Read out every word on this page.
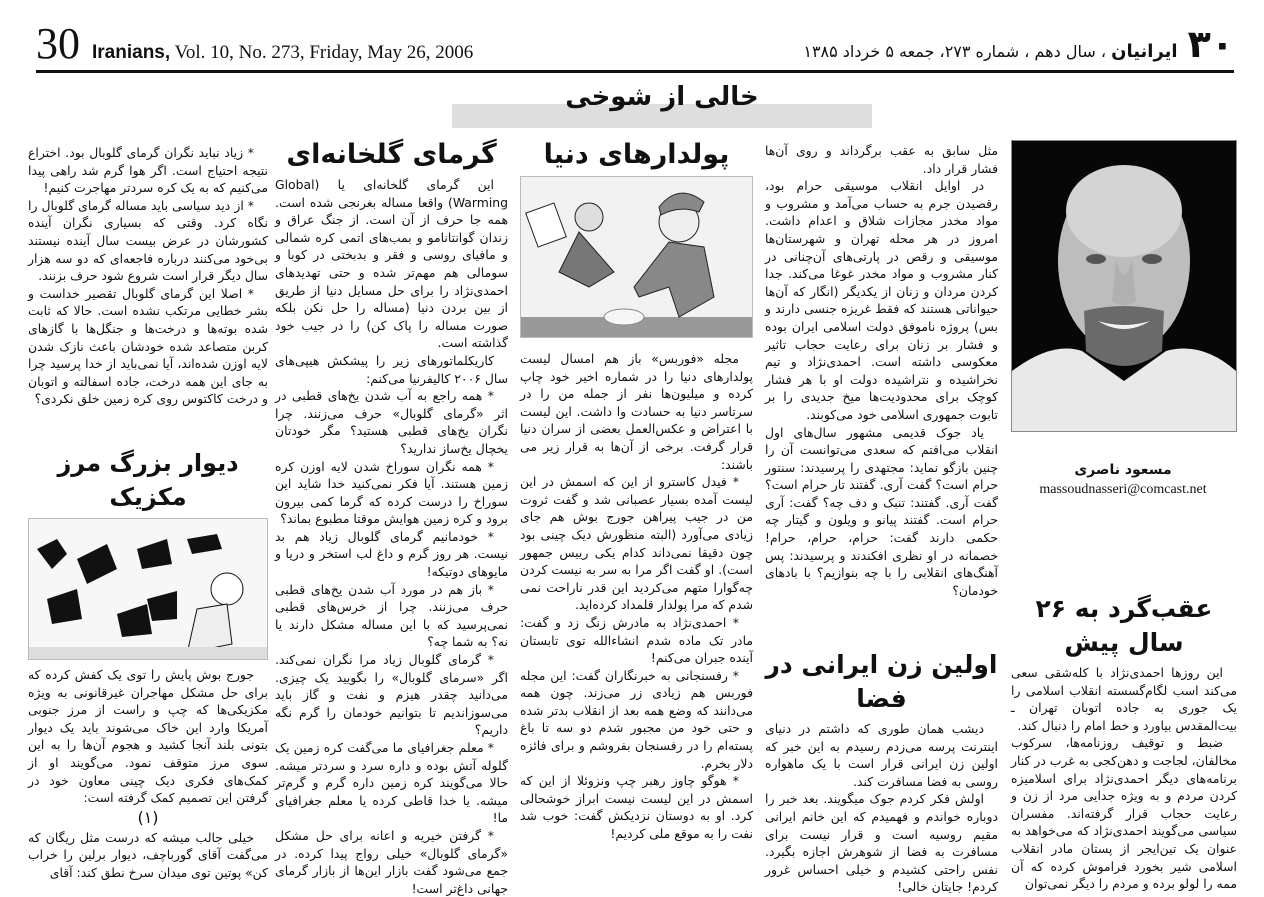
30 Iranians, Vol. 10, No. 273, Friday, May 26, 2006	۳۰
ایرانیان ، سال دهم ، شماره ۲۷۳، جمعه ۵ خرداد ۱۳۸۵
خالی از شوخی
مسعود ناصری
massoudnasseri@comcast.net
عقب‌گرد به ۲۶ سال پیش

این روزها احمدی‌نژاد با کله‌شقی سعی می‌کند اسب لگام‌گسسته انقلاب اسلامی را یک جوری به جاده اتوبان تهران ـ بیت‌المقدس بیاورد و خط امام را دنبال کند.

ضبط و توقیف روزنامه‌ها، سرکوب مخالفان، لجاجت و دهن‌کجی به غرب در کنار برنامه‌های دیگر احمدی‌نژاد برای اسلامیزه کردن مردم و به ویژه جدایی مرد از زن و رعایت حجاب قرار گرفته‌اند. مفسران سیاسی می‌گویند احمدی‌نژاد که می‌خواهد به عنوان یک تین‌ایجر از پستان مادر انقلاب اسلامی شیر بخورد فراموش کرده که آن ممه را لولو برده و مردم را دیگر نمی‌توان

مثل سابق به عقب برگرداند و روی آن‌ها فشار قرار داد.

در اوایل انقلاب موسیقی حرام بود، رقصیدن جرم به حساب می‌آمد و مشروب و مواد مخدر مجازات شلاق و اعدام داشت. امروز در هر محله تهران و شهرستان‌ها موسیقی و رقص در پارتی‌های آن‌چنانی در کنار مشروب و مواد مخدر غوغا می‌کند. جدا کردن مردان و زنان از یکدیگر (انگار که آن‌ها حیواناتی هستند که فقط غریزه جنسی دارند و بس) پروژه ناموفق دولت اسلامی ایران بوده و فشار بر زنان برای رعایت حجاب تاثیر معکوسی داشته است. احمدی‌نژاد و تیم نخراشیده و نتراشیده دولت او با هر فشار کوچک برای محدودیت‌ها میخ جدیدی را بر تابوت جمهوری اسلامی خود می‌کوبند.

یاد جوک قدیمی مشهور سال‌های اول انقلاب می‌افتم که سعدی می‌توانست آن را چنین بازگو نماید: مجتهدی را پرسیدند: سنتور حرام است؟ گفت آری. گفتند تار حرام است؟ گفت آری. گفتند: تنبک و دف چه؟ گفت: آری حرام است. گفتند پیانو و ویلون و گیتار چه حکمی دارند گفت: حرام، حرام، حرام! خصمانه در او نظری افکندند و پرسیدند: پس آهنگ‌های انقلابی را با چه بنوازیم؟ با بادهای خودمان؟

اولین زن ایرانی در فضا

دیشب همان طوری که داشتم در دنیای اینترنت پرسه می‌زدم رسیدم به این خبر که اولین زن ایرانی قرار است با یک ماهواره روسی به فضا مسافرت کند.

اولش فکر کردم جوک میگویند. بعد خبر را دوباره خواندم و فهمیدم که این خانم ایرانی مقیم روسیه است و قرار نیست برای مسافرت به فضا از شوهرش اجازه بگیرد. نفس راحتی کشیدم و خیلی احساس غرور کردم! جایتان خالی!

پولدارهای دنیا

مجله «فوربس» باز هم امسال لیست پولدارهای دنیا را در شماره اخیر خود چاپ کرده و میلیون‌ها نفر از جمله من را در سرتاسر دنیا به حسادت وا داشت. این لیست با اعتراض و عکس‌العمل بعضی از سران دنیا قرار گرفت. برخی از آن‌ها به قرار زیر می باشند:

* فیدل کاسترو از این که اسمش در این لیست آمده بسیار عصبانی شد و گفت ثروت من در جیب پیراهن جورج بوش هم جای زیادی می‌آورد (البته منظورش دیک چینی بود چون دقیقا نمی‌داند کدام یکی رییس جمهور است). او گفت اگر مرا به سر به نیست کردن چه‌گوارا متهم می‌کردید این قدر ناراحت نمی شدم که مرا پولدار قلمداد کرده‌اید.

* احمدی‌نژاد به مادرش زنگ زد و گفت: مادر تک ماده شدم انشاءالله توی تابستان آینده جبران می‌کنم!

* رفسنجانی به خبرنگاران گفت: این مجله فوربس هم زیادی زر می‌زند. چون همه می‌دانند که وضع همه بعد از انقلاب بدتر شده و حتی خود من مجبور شدم دو سه تا باغ پسته‌ام را در رفسنجان بفروشم و برای فائزه دلار بخرم.

* هوگو چاوز رهبر چپ ونزوئلا از این که اسمش در این لیست نیست ابراز خوشحالی کرد. او به دوستان نزدیکش گفت: خوب شد نفت را به موقع ملی کردیم!

گرمای گلخانه‌ای

این گرمای گلخانه‌ای یا (Global Warming) واقعا مساله بغرنجی شده است. همه جا حرف از آن است. از جنگ عراق و زندان گوانتانامو و بمب‌های اتمی کره شمالی و مافیای روسی و فقر و بدبختی در کوبا و سومالی هم مهم‌تر شده و حتی تهدیدهای احمدی‌نژاد را برای حل مسایل دنیا از طریق از بین بردن دنیا (مساله را حل نکن بلکه صورت مساله را پاک کن) را در جیب خود گذاشته است.

کاریکلماتورهای زیر را پیشکش هیپی‌های سال ۲۰۰۶ کالیفرنیا می‌کنم:

* همه راجع به آب شدن یخ‌های قطبی در اثر «گرمای گلوبال» حرف می‌زنند. چرا نگران یخ‌های قطبی هستید؟ مگر خودتان یخچال یخ‌ساز ندارید؟

* همه نگران سوراخ شدن لایه اوزن کره زمین هستند. آیا فکر نمی‌کنید خدا شاید این سوراخ را درست کرده که گرما کمی بیرون برود و کره زمین هوایش موقتا مطبوع بماند؟

* خودمانیم گرمای گلوبال زیاد هم بد نیست. هر روز گرم و داغ لب استخر و دریا و مایوهای دوتیکه!

* باز هم در مورد آب شدن یخ‌های قطبی حرف می‌زنند. چرا از خرس‌های قطبی نمی‌پرسید که با این مساله مشکل دارند یا نه؟ به شما چه؟

* گرمای گلوبال زیاد مرا نگران نمی‌کند. اگر «سرمای گلوبال» را بگویید یک چیزی. می‌دانید چقدر هیزم و نفت و گاز باید می‌سوزاندیم تا بتوانیم خودمان را گرم نگه داریم؟

* معلم جغرافیای ما می‌گفت کره زمین یک گلوله آتش بوده و داره سرد و سردتر میشه. حالا می‌گویند کره زمین داره گرم و گرم‌تر میشه. یا خدا قاطی کرده یا معلم جغرافیای ما!

* گرفتن خیریه و اعانه برای حل مشکل «گرمای گلوبال» خیلی رواج پیدا کرده. در جمع می‌شود گفت بازار این‌ها از بازار گرمای جهانی داغ‌تر است!

* زیاد نباید نگران گرمای گلوبال بود. اختراع نتیجه احتیاج است. اگر هوا گرم شد راهی پیدا می‌کنیم که به یک کره سردتر مهاجرت کنیم!

* از دید سیاسی باید مساله گرمای گلوبال را نگاه کرد. وقتی که بسیاری نگران آینده کشورشان در عرض بیست سال آینده نیستند بی‌خود می‌کنند درباره فاجعه‌ای که دو سه هزار سال دیگر قرار است شروع شود حرف بزنند.

* اصلا این گرمای گلوبال تقصیر خداست و بشر خطایی مرتکب نشده است. حالا که ثابت شده بوته‌ها و درخت‌ها و جنگل‌ها با گازهای کربن متصاعد شده خودشان باعث نازک شدن لایه اوزن شده‌اند، آیا نمی‌باید از خدا پرسید چرا به جای این همه درخت، جاده اسفالته و اتوبان و درخت کاکتوس روی کره زمین خلق نکردی؟

دیوار بزرگ مرز مکزیک

جورج بوش پایش را توی یک کفش کرده که برای حل مشکل مهاجران غیرقانونی به ویژه مکزیکی‌ها که چپ و راست از مرز جنوبی آمریکا وارد این خاک می‌شوند باید یک دیوار بتونی بلند آنجا کشید و هجوم آن‌ها را به این سوی مرز متوقف نمود. می‌گویند او از کمک‌های فکری دیک چینی معاون خود در گرفتن این تصمیم کمک گرفته است:

(۱)

خیلی جالب میشه که درست مثل ریگان که می‌گفت آقای گورباچف، دیوار برلین را خراب کن» پوتین توی میدان سرخ نطق کند: آقای
